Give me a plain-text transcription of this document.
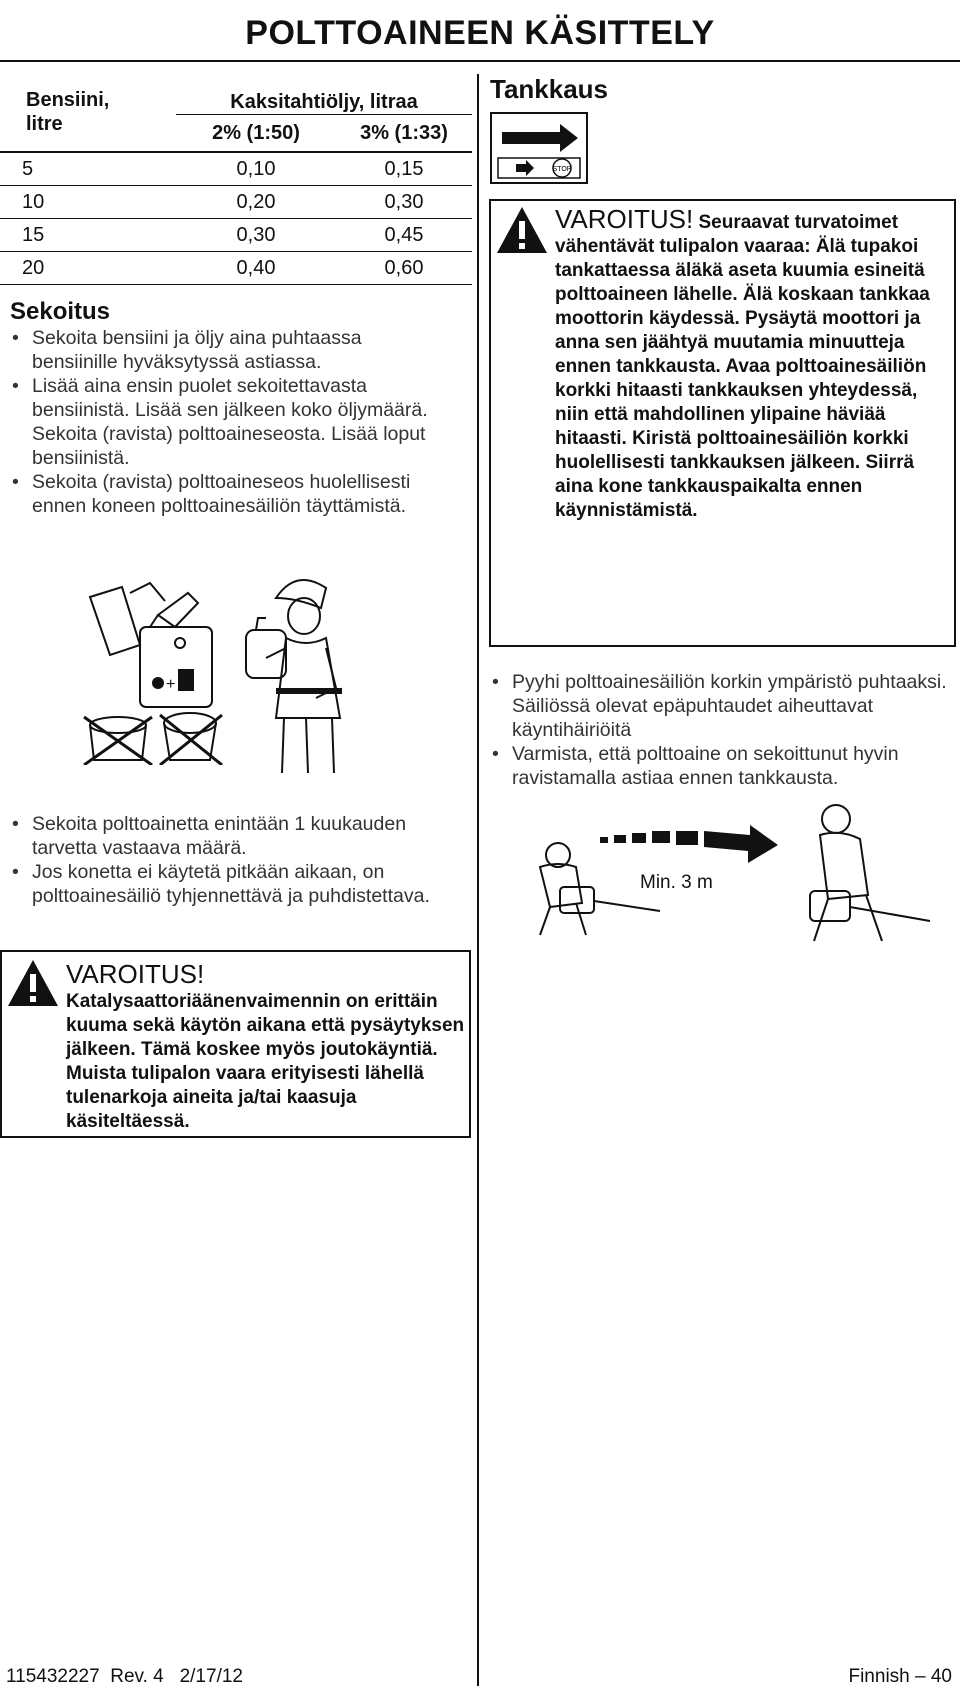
POLTTOAINEEN KÄSITTELY
Bensiini,
litre	Kaksitahtiöljy, litraa	
	2% (1:50)	3% (1:33)
5	0,10	0,15
10	0,20	0,30
15	0,30	0,45
20	0,40	0,60
Sekoitus
• Sekoita bensiini ja öljy aina puhtaassa bensiinille hyväksytyssä astiassa.
• Lisää aina ensin puolet sekoitettavasta bensiinistä. Lisää sen jälkeen koko öljymäärä. Sekoita (ravista) polttoaineseosta. Lisää loput bensiinistä.
• Sekoita (ravista) polttoaineseos huolellisesti ennen koneen polttoainesäiliön täyttämistä.
+
• Sekoita polttoainetta enintään 1 kuukauden tarvetta vastaava määrä.
• Jos konetta ei käytetä pitkään aikaan, on polttoainesäiliö tyhjennettävä ja puhdistettava.
VAROITUS! Katalysaattoriäänenvaimennin on erittäin kuuma sekä käytön aikana että pysäytyksen jälkeen. Tämä koskee myös joutokäyntiä. Muista tulipalon vaara erityisesti lähellä tulenarkoja aineita ja/tai kaasuja käsiteltäessä.
Tankkaus
STOP
VAROITUS! Seuraavat turvatoimet vähentävät tulipalon vaaraa: Älä tupakoi tankattaessa äläkä aseta kuumia esineitä polttoaineen lähelle. Älä koskaan tankkaa moottorin käydessä. Pysäytä moottori ja anna sen jäähtyä muutamia minuutteja ennen tankkausta. Avaa polttoainesäiliön korkki hitaasti tankkauksen yhteydessä, niin että mahdollinen ylipaine häviää hitaasti. Kiristä polttoainesäiliön korkki huolellisesti tankkauksen jälkeen. Siirrä aina kone tankkauspaikalta ennen käynnistämistä.
• Pyyhi polttoainesäiliön korkin ympäristö puhtaaksi. Säiliössä olevat epäpuhtaudet aiheuttavat käyntihäiriöitä
• Varmista, että polttoaine on sekoittunut hyvin ravistamalla astiaa ennen tankkausta.
Min. 3 m
115432227  Rev. 4   2/17/12	Finnish – 40
